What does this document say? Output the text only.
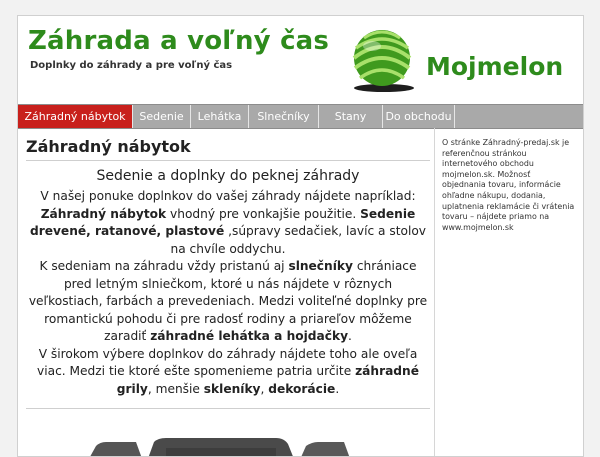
Záhrada a voľný čas
Doplnky do záhrady a pre voľný čas	Mojmelon
Záhradný nábytok	Sedenie	Lehátka	Slnečníky	Stany	Do obchodu
Záhradný nábytok
Sedenie a doplnky do peknej záhrady
V našej ponuke doplnkov do vašej záhrady nájdete napríklad: Záhradný nábytok vhodný pre vonkajšie použitie. Sedenie drevené, ratanové, plastové ,súpravy sedačiek, lavíc a stolov na chvíle oddychu.
K sedeniam na záhradu vždy pristanú aj slnečníky chrániace pred letným slniečkom, ktoré u nás nájdete v rôznych veľkostiach, farbách a prevedeniach. Medzi voliteľné doplnky pre romantickú pohodu či pre radosť rodiny a priareľov môžeme zaradiť záhradné lehátka a hojdačky.
V širokom výbere doplnkov do záhrady nájdete toho ale oveľa viac. Medzi tie ktoré ešte spomenieme patria určite záhradné grily, menšie skleníky, dekorácie.
O stránke Záhradný-predaj.sk je referenčnou stránkou internetového obchodu mojmelon.sk. Možnosť objednania tovaru, informácie ohľadne nákupu, dodania, uplatnenia reklamácie či vrátenia tovaru – nájdete priamo na www.mojmelon.sk
